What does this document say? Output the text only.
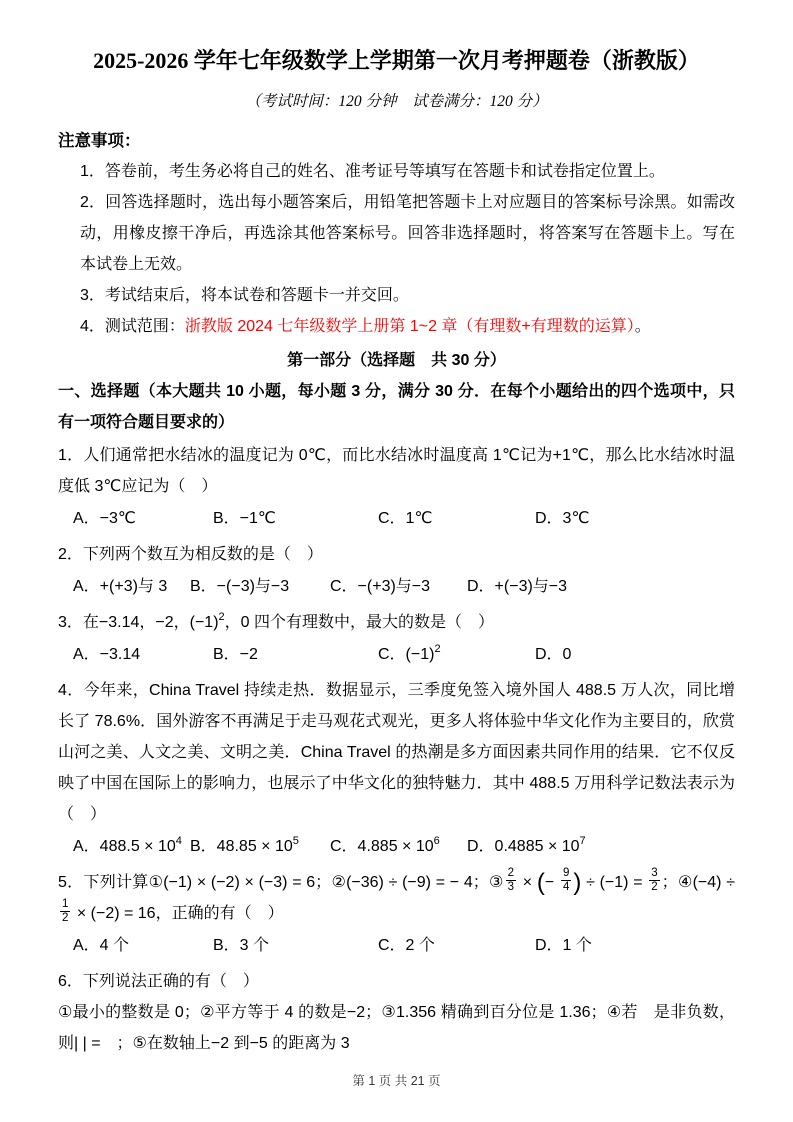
2025-2026 学年七年级数学上学期第一次月考押题卷（浙教版）
（考试时间：120 分钟　试卷满分：120 分）
注意事项：

1．答卷前，考生务必将自己的姓名、准考证号等填写在答题卡和试卷指定位置上。

2．回答选择题时，选出每小题答案后，用铅笔把答题卡上对应题目的答案标号涂黑。如需改动，用橡皮擦干净后，再选涂其他答案标号。回答非选择题时，将答案写在答题卡上。写在本试卷上无效。

3．考试结束后，将本试卷和答题卡一并交回。

4．测试范围：浙教版 2024 七年级数学上册第 1~2 章（有理数+有理数的运算）。

第一部分（选择题　共 30 分）

一、选择题（本大题共 10 小题，每小题 3 分，满分 30 分．在每个小题给出的四个选项中，只有一项符合题目要求的）

1．人们通常把水结冰的温度记为 0℃，而比水结冰时温度高 1℃记为+1℃，那么比水结冰时温度低 3℃应记为（　）

A．−3℃	B．−1℃	C．1℃	D．3℃

2．下列两个数互为相反数的是（　）

A．+(+3)与 3	B．−(−3)与−3	C．−(+3)与−3	D．+(−3)与−3

3．在−3.14，−2，$(-1)^2$，0 四个有理数中，最大的数是（　）

A．−3.14	B．−2	C．$(-1)^2$	D．0

4．今年来，China Travel 持续走热．数据显示，三季度免签入境外国人 488.5 万人次，同比增长了 78.6%．国外游客不再满足于走马观花式观光，更多人将体验中华文化作为主要目的，欣赏山河之美、人文之美、文明之美．China Travel 的热潮是多方面因素共同作用的结果．它不仅反映了中国在国际上的影响力，也展示了中华文化的独特魅力．其中 488.5 万用科学记数法表示为（　）

A．$488.5 \times 10^4$ B．$48.85 \times 10^5$	C．$4.885 \times 10^6$	D．$0.4885 \times 10^7$

5．下列计算①(−1) × (−2) × (−3) = 6；②(−36) ÷ (−9) = − 4；③ $\frac{2}{3}$ × (− $\frac{9}{4}$ ) ÷ $(-1) = \frac{3}{2}$ ；④(−4) ÷
$\frac{1}{2} \times (-2) = 16$，正确的有（　）

A．4 个	B．3 个	C．2 个	D．1 个

6．下列说法正确的有（　）

①最小的整数是 0；②平方等于 4 的数是−2；③1.356 精确到百分位是 1.36；④若　是非负数，则| | =　；⑤在数轴上−2 到−5 的距离为 3

第 1 页 共 21 页
